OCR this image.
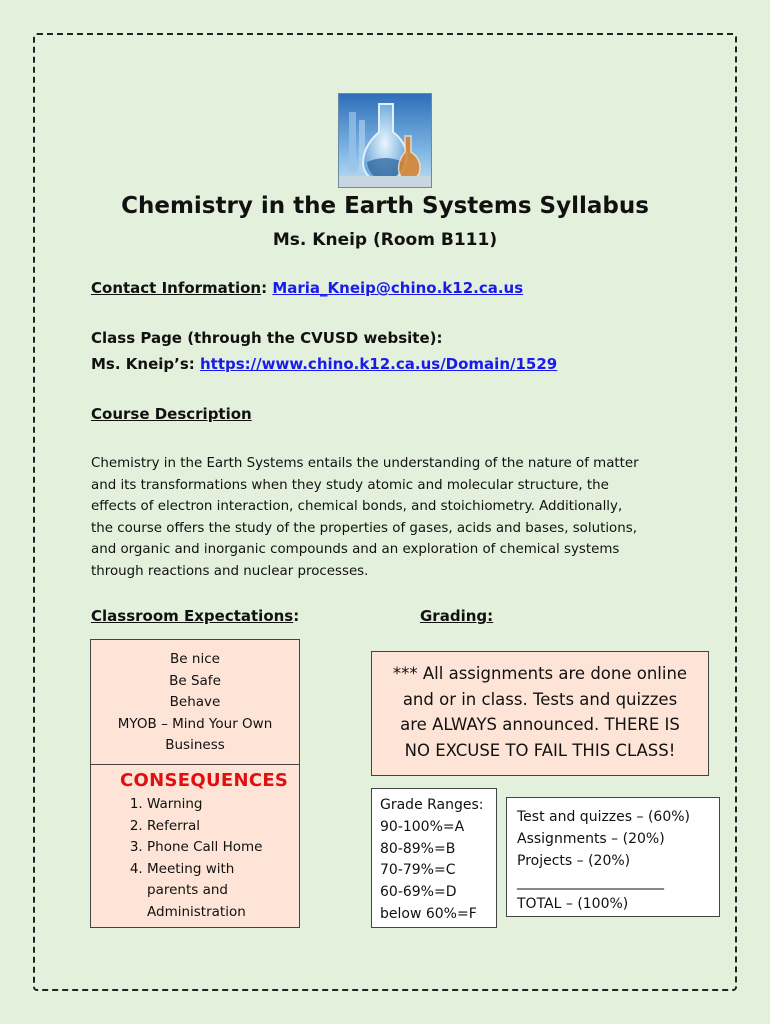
Chemistry in the Earth Systems Syllabus
Ms. Kneip (Room B111)
Contact Information: Maria_Kneip@chino.k12.ca.us
Class Page (through the CVUSD website):
Ms. Kneip’s: https://www.chino.k12.ca.us/Domain/1529
Course Description

Chemistry in the Earth Systems entails the understanding of the nature of matter
and its transformations when they study atomic and molecular structure, the
effects of electron interaction, chemical bonds, and stoichiometry. Additionally,
the course offers the study of the properties of gases, acids and bases, solutions,
and organic and inorganic compounds and an exploration of chemical systems
through reactions and nuclear processes.

Classroom Expectations:	Grading:
Be nice
Be Safe
Behave
MYOB – Mind Your Own
Business
CONSEQUENCES
1. Warning
2. Referral
3. Phone Call Home
4. Meeting with parents and Administration
*** All assignments are done online
and or in class. Tests and quizzes
are ALWAYS announced. THERE IS
NO EXCUSE TO FAIL THIS CLASS!
Grade Ranges:
90-100%=A
80-89%=B
70-79%=C
60-69%=D
below 60%=F
Test and quizzes – (60%)
Assignments – (20%)
Projects – (20%)
_____________________
TOTAL – (100%)
